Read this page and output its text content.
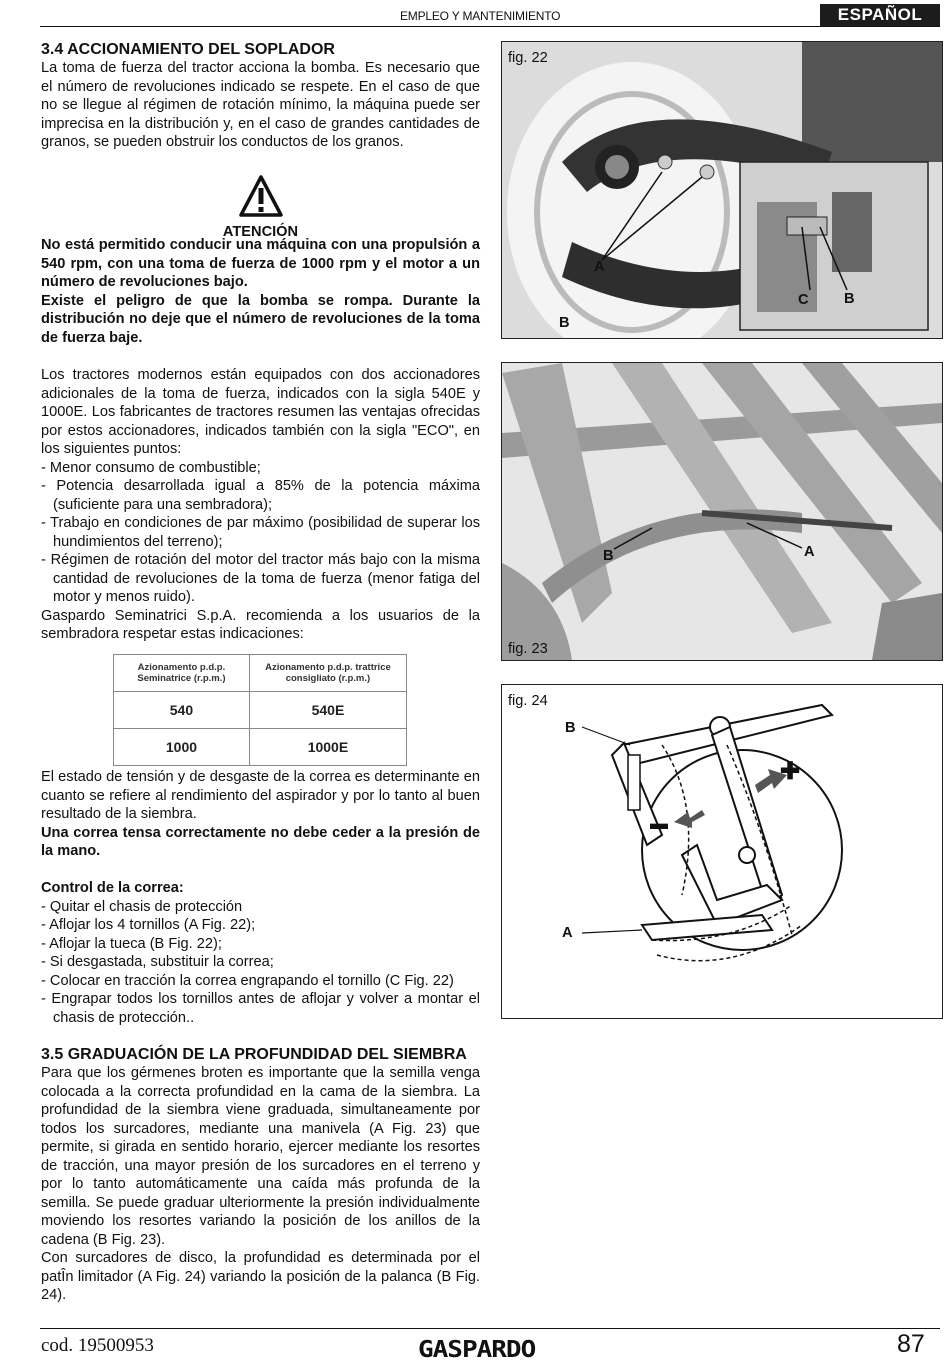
EMPLEO Y MANTENIMIENTO	ESPAÑOL
3.4 ACCIONAMIENTO DEL SOPLADOR

La toma de fuerza del tractor acciona la bomba. Es necesario que el número de revoluciones indicado se respete. En el caso de que no se llegue al régimen de rotación mínimo, la máquina puede ser imprecisa en la distribución y, en el caso de grandes cantidades de granos, se pueden obstruir los conductos de los granos.

ATENCIÓN

No está permitido conducir una máquina con una propulsión a 540 rpm, con una toma de fuerza de 1000 rpm y el motor a un número de revoluciones bajo.

Existe el peligro de que la bomba se rompa. Durante la distribución no deje que el número de revoluciones de la toma de fuerza baje.

Los tractores modernos están equipados con dos accionadores adicionales de la toma de fuerza, indicados con la sigla 540E y 1000E. Los fabricantes de tractores resumen las ventajas ofrecidas por estos accionadores, indicados también con la sigla "ECO", en los siguientes puntos:

- Menor consumo de combustible;
- Potencia desarrollada igual a 85% de la potencia máxima (suficiente para una sembradora);
- Trabajo en condiciones de par máximo (posibilidad de superar los hundimientos del terreno);
- Régimen de rotación del motor del tractor más bajo con la misma cantidad de revoluciones de la toma de fuerza (menor fatiga del motor y menos ruido).

Gaspardo Seminatrici S.p.A. recomienda a los usuarios de la sembradora respetar estas indicaciones:

Azionamento p.d.p. Seminatrice (r.p.m.)	Azionamento p.d.p. trattrice consigliato (r.p.m.)
540	540E
1000	1000E

El estado de tensión y de desgaste de la correa es determinante en cuanto se refiere al rendimiento del aspirador y por lo tanto al buen resultado de la siembra.

Una correa tensa correctamente no debe ceder a la presión de la mano.

Control de la correa:
- Quitar el chasis de protección
- Aflojar los 4 tornillos (A Fig. 22);
- Aflojar la tueca (B Fig. 22);
- Si desgastada, substituir la correa;
- Colocar en tracción la correa engrapando el tornillo (C Fig. 22)
- Engrapar todos los tornillos antes de aflojar y volver a montar el chasis de protección..
3.5 GRADUACIÓN DE LA PROFUNDIDAD DEL SIEMBRA

Para que los gérmenes broten es importante que la semilla venga colocada a la correcta profundidad en la cama de la siembra. La profundidad de la siembra viene graduada, simultaneamente por todos los surcadores, mediante una manivela (A Fig. 23) que permite, si girada en sentido horario, ejercer mediante los resortes de tracción, una mayor presión de los surcadores en el terreno y por lo tanto automáticamente una caída más profunda de la semilla. Se puede graduar ulteriormente la presión individualmente moviendo los resortes variando la posición de los anillos de la cadena (B Fig. 23).

Con surcadores de disco, la profundidad es determinada por el patÎn limitador (A Fig. 24) variando la posición de la palanca (B Fig. 24).

fig. 22
A
B
C B
fig. 23
B	A
fig. 24
B
A
✚
▬
cod. 19500953	GASPARDO	87
